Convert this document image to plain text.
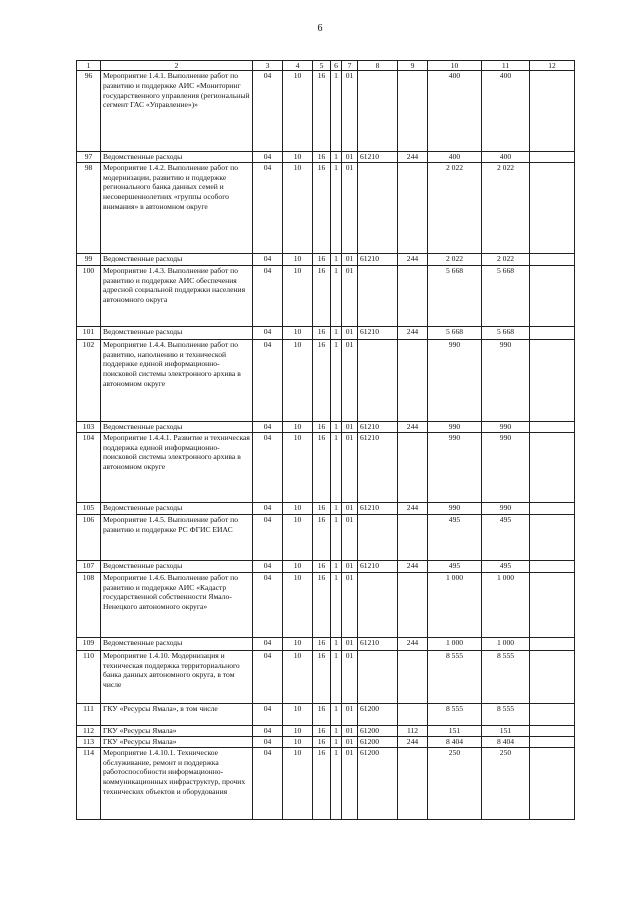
6
1	2	3	4	5	6	7	8	9	10	11	12
96	Мероприятие 1.4.1. Выполнение работ по развитию и поддержке АИС «Мониторинг государственного управления (региональный сегмент ГАС «Управление»)»	04	10	16	1	01			400	400	
97	Ведомственные расходы	04	10	16	1	01	61210	244	400	400	
98	Мероприятие 1.4.2. Выполнение работ по модернизации, развитию и поддержке регионального банка данных семей и несовершеннолетних «группы особого внимания» в автономном округе	04	10	16	1	01			2 022	2 022	
99	Ведомственные расходы	04	10	16	1	01	61210	244	2 022	2 022	
100	Мероприятие 1.4.3. Выполнение работ по развитию и поддержке АИС обеспечения адресной социальной поддержки населения автономного округа	04	10	16	1	01			5 668	5 668	
101	Ведомственные расходы	04	10	16	1	01	61210	244	5 668	5 668	
102	Мероприятие 1.4.4. Выполнение работ по развитию, наполнению и технической поддержке единой информационно-поисковой системы электронного архива в автономном округе	04	10	16	1	01			990	990	
103	Ведомственные расходы	04	10	16	1	01	61210	244	990	990	
104	Мероприятие 1.4.4.1. Развитие и техническая поддержка единой информационно-поисковой системы электронного архива в автономном округе	04	10	16	1	01	61210		990	990	
105	Ведомственные расходы	04	10	16	1	01	61210	244	990	990	
106	Мероприятие 1.4.5. Выполнение работ по развитию и поддержке РС ФГИС ЕИАС	04	10	16	1	01			495	495	
107	Ведомственные расходы	04	10	16	1	01	61210	244	495	495	
108	Мероприятие 1.4.6. Выполнение работ по развитию и поддержке АИС «Кадастр государственной собственности Ямало-Ненецкого автономного округа»	04	10	16	1	01			1 000	1 000	
109	Ведомственные расходы	04	10	16	1	01	61210	244	1 000	1 000	
110	Мероприятие 1.4.10. Модернизация и техническая поддержка территориального банка данных автономного округа, в том числе	04	10	16	1	01			8 555	8 555	
111	ГКУ «Ресурсы Ямала», в том числе	04	10	16	1	01	61200		8 555	8 555	
112	ГКУ «Ресурсы Ямала»	04	10	16	1	01	61200	112	151	151	
113	ГКУ «Ресурсы Ямала»	04	10	16	1	01	61200	244	8 404	8 404	
114	Мероприятие 1.4.10.1. Техническое обслуживание, ремонт и поддержка работоспособности информационно-коммуникационных инфраструктур, прочих технических объектов и оборудования	04	10	16	1	01	61200		250	250	
